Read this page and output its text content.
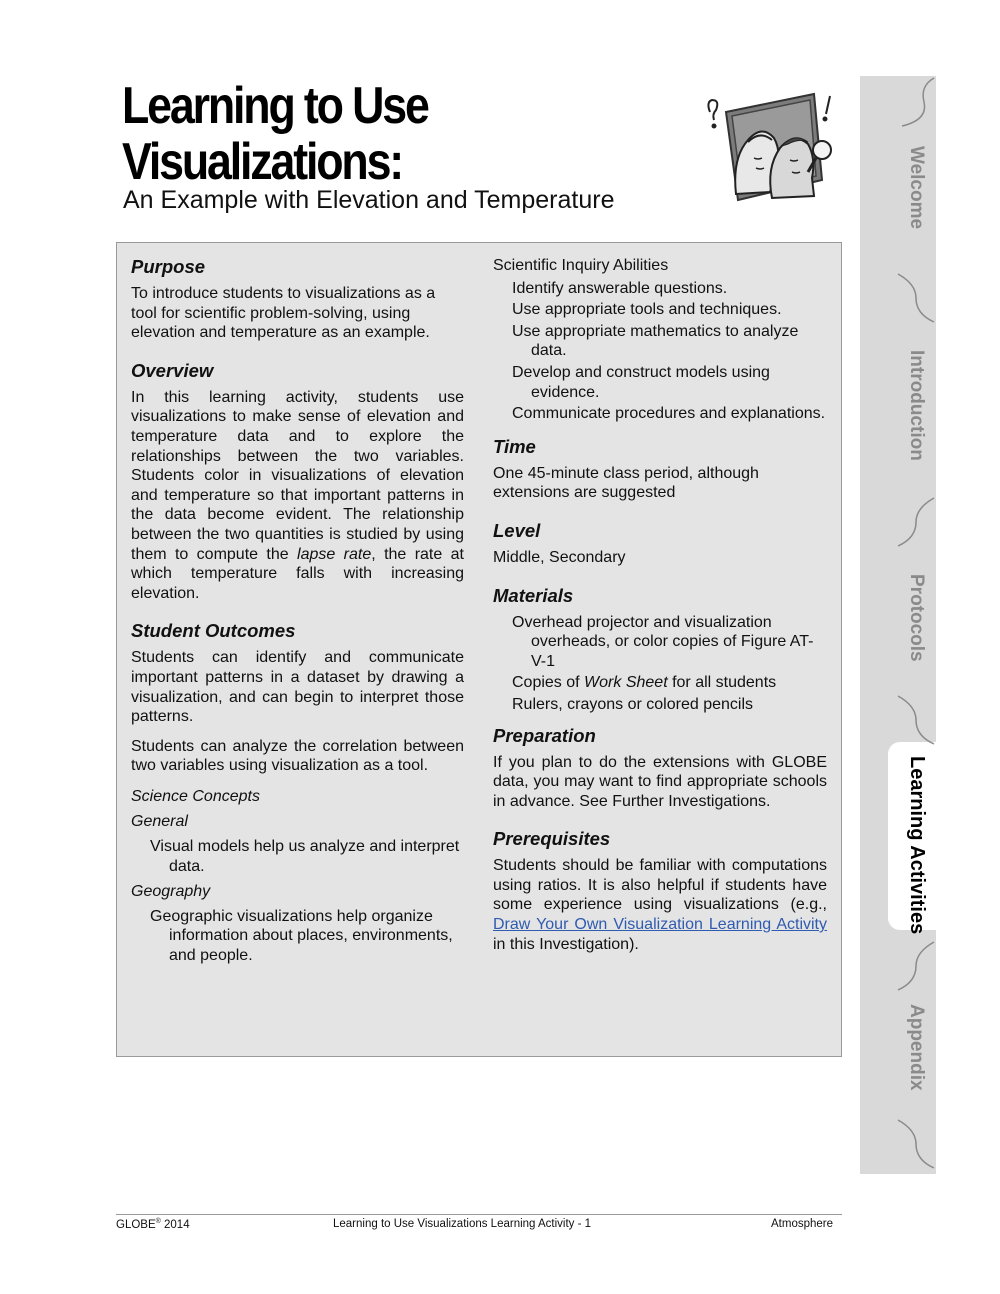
Learning to Use
Visualizations:
An Example with Elevation and Temperature
Purpose

To introduce students to visualizations as a tool for scientific problem-solving, using elevation and temperature as an example.

Overview

In this learning activity, students use visualizations to make sense of elevation and temperature data and to explore the relationships between the two variables. Students color in visualizations of elevation and temperature so that important patterns in the data become evident. The relationship between the two quantities is studied by using them to compute the lapse rate, the rate at which temperature falls with increasing elevation.

Student Outcomes

Students can identify and communicate important patterns in a dataset by drawing a visualization, and can begin to interpret those patterns.

Students can analyze the correlation between two variables using visualization as a tool.

Science Concepts

General

Visual models help us analyze and interpret data.

Geography

Geographic visualizations help organize information about places, environments, and people.

Scientific Inquiry Abilities

Identify answerable questions.

Use appropriate tools and techniques.

Use appropriate mathematics to analyze data.

Develop and construct models using evidence.

Communicate procedures and explanations.

Time

One 45-minute class period, although extensions are suggested

Level

Middle, Secondary

Materials

Overhead projector and visualization overheads, or color copies of Figure AT-V-1

Copies of Work Sheet for all students

Rulers, crayons or colored pencils

Preparation

If you plan to do the extensions with GLOBE data, you may want to find appropriate schools in advance. See Further Investigations.

Prerequisites

Students should be familiar with computations using ratios. It is also helpful if students have some experience using visualizations (e.g., Draw Your Own Visualization Learning Activity in this Investigation).

Welcome
Introduction
Protocols
Learning Activities
Appendix
GLOBE® 2014	Learning to Use Visualizations Learning Activity - 1	Atmosphere
